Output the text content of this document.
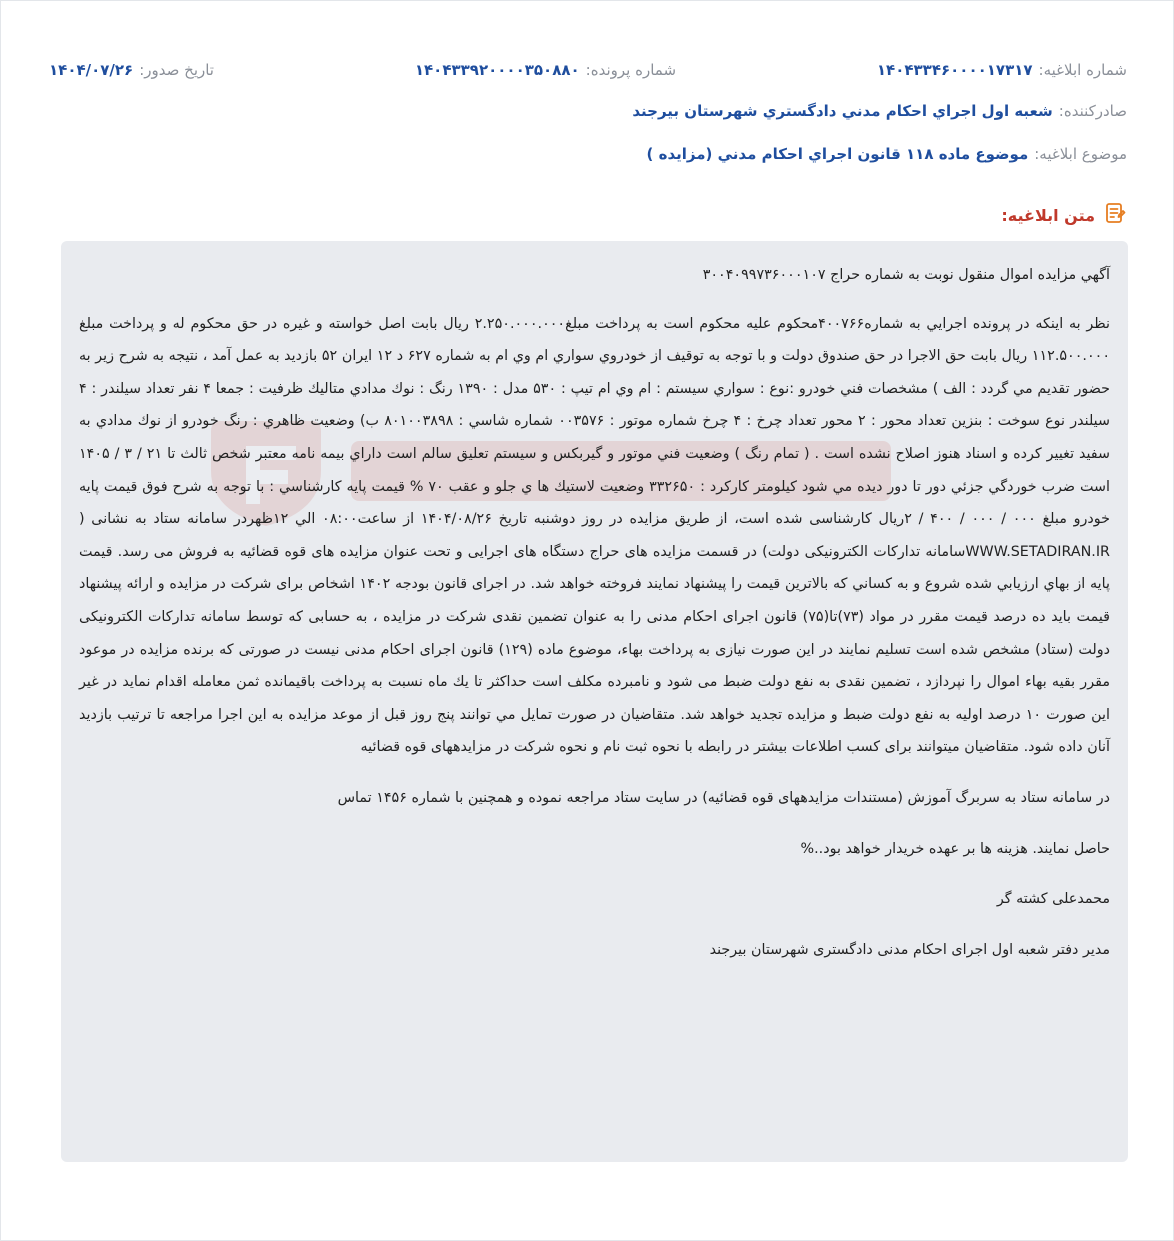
شماره ابلاغیه:
۱۴۰۴۳۳۴۶۰۰۰۰۱۷۳۱۷
شماره پرونده:
۱۴۰۴۳۳۹۲۰۰۰۰۳۵۰۸۸۰
تاریخ صدور:
۱۴۰۴/۰۷/۲۶
صادرکننده:
شعبه اول اجراي احكام مدني دادگستري شهرستان بيرجند
موضوع ابلاغیه:
موضوع ماده ۱۱۸ قانون اجراي احكام مدني (مزايده )
متن ابلاغیه:

آگهي مزايده اموال منقول نوبت به شماره حراج ۳۰۰۴۰۹۹۷۳۶۰۰۰۱۰۷

نظر به اينكه در پرونده اجرايي به شماره۴۰۰۷۶۶محكوم عليه محكوم است به پرداخت مبلغ۲.۲۵۰.۰۰۰.۰۰۰ ريال بابت اصل خواسته و غيره در حق محكوم له و پرداخت مبلغ ۱۱۲.۵۰۰.۰۰۰ ريال بابت حق الاجرا در حق صندوق دولت و با توجه به توقيف از خودروي سواري ام وي ام به شماره ۶۲۷ د ۱۲ ايران ۵۲ بازديد به عمل آمد ، نتيجه به شرح زير به حضور تقديم مي گردد : الف ) مشخصات فني خودرو :نوع : سواري سيستم : ام وي ام تيپ : ۵۳۰ مدل : ۱۳۹۰ رنگ : نوك مدادي متاليك ظرفيت : جمعا ۴ نفر تعداد سيلندر : ۴ سيلندر نوع سوخت : بنزين تعداد محور : ۲ محور تعداد چرخ : ۴ چرخ شماره موتور : ۰۰۳۵۷۶ شماره شاسي : ۸۰۱۰۰۳۸۹۸ ب) وضعيت ظاهري : رنگ خودرو از نوك مدادي به سفيد تغيير كرده و اسناد هنوز اصلاح نشده است . ( تمام رنگ ) وضعيت فني موتور و گيربكس و سيستم تعليق سالم است داراي بيمه نامه معتبر شخص ثالث تا ۲۱ / ۳ / ۱۴۰۵ است ضرب خوردگي جزئي دور تا دور ديده مي شود كيلومتر كاركرد : ۳۳۲۶۵۰ وضعيت لاستيك ها ي جلو و عقب ۷۰ % قيمت پايه كارشناسي : با توجه به شرح فوق قيمت پايه خودرو مبلغ ۰۰۰ / ۰۰۰ / ۴۰۰ / ۲ريال كارشناسی شده است، از طريق مزايده در روز دوشنبه تاريخ ۱۴۰۴/۰۸/۲۶ از ساعت۰۸:۰۰ الي ۱۲ظهردر سامانه ستاد به نشانی ( WWW.SETADIRAN.IRسامانه تداركات الكترونيكی دولت) در قسمت مزايده های حراج دستگاه های اجرايی و تحت عنوان مزايده های قوه قضائيه به فروش می رسد. قيمت پايه از بهاي ارزيابي شده شروع و به كساني كه بالاترين قيمت را پيشنهاد نمايند فروخته خواهد شد. در اجرای قانون بودجه ۱۴۰۲ اشخاص برای شركت در مزايده و ارائه پيشنهاد قيمت بايد ده درصد قيمت مقرر در مواد (۷۳)تا(۷۵) قانون اجرای احكام مدنی را به عنوان تضمين نقدی شركت در مزايده ، به حسابی كه توسط سامانه تداركات الكترونيكی دولت (ستاد) مشخص شده است تسليم نمايند در اين صورت نيازی به پرداخت بهاء، موضوع ماده (۱۲۹) قانون اجرای احكام مدنی نيست در صورتی كه برنده مزايده در موعود مقرر بقيه بهاء اموال را نپردازد ، تضمين نقدی به نفع دولت ضبط می شود و نامبرده مكلف است حداكثر تا يك ماه نسبت به پرداخت باقيمانده ثمن معامله اقدام نمايد در غير اين صورت ۱۰ درصد اوليه به نفع دولت ضبط و مزايده تجديد خواهد شد. متقاضيان در صورت تمايل مي توانند پنج روز قبل از موعد مزايده به اين اجرا مراجعه تا ترتيب بازديد آنان داده شود. متقاضيان ميتوانند برای كسب اطلاعات بيشتر در رابطه با نحوه ثبت نام و نحوه شركت در مزايدههای قوه قضائيه

در سامانه ستاد به سربرگ آموزش (مستندات مزايدههای قوه قضائيه) در سايت ستاد مراجعه نموده و همچنين با شماره ۱۴۵۶ تماس

حاصل نمايند. هزينه ها بر عهده خريدار خواهد بود..%

محمدعلی كشته گر

مدير دفتر شعبه اول اجرای احكام مدنی دادگستری شهرستان بيرجند
